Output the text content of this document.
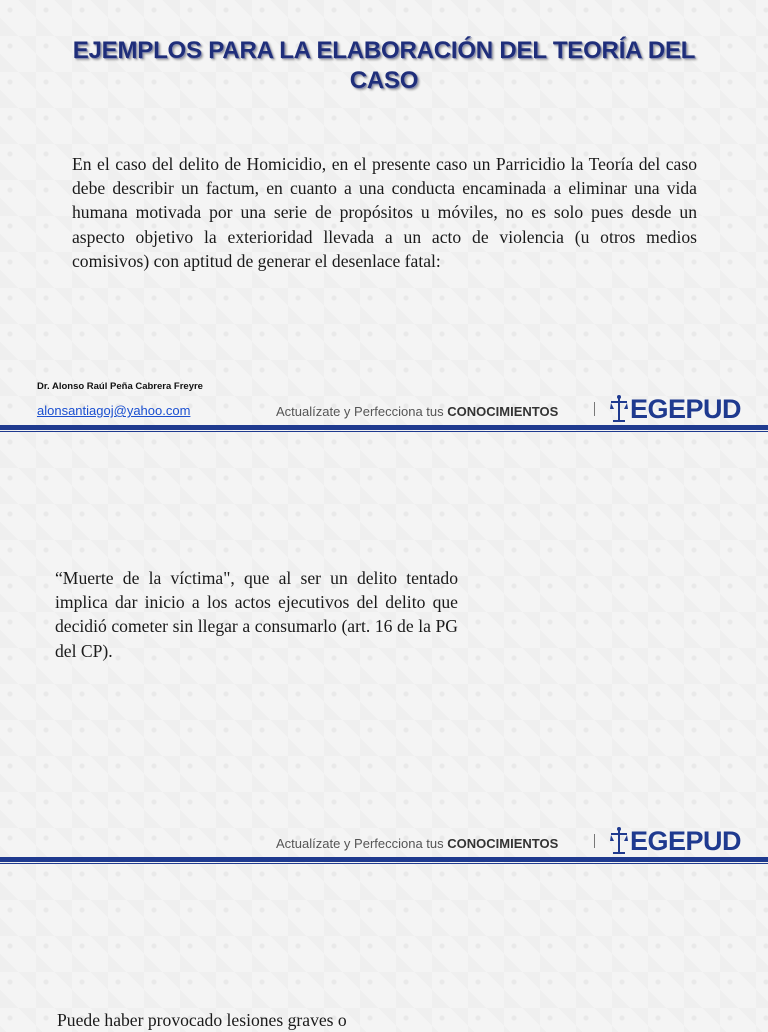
EJEMPLOS PARA LA ELABORACIÓN DEL TEORÍA DEL CASO
En el caso del delito de Homicidio, en el presente caso un Parricidio la Teoría del caso debe describir un factum, en cuanto a una conducta encaminada a eliminar una vida humana motivada por una serie de propósitos u móviles, no es solo pues desde un aspecto objetivo la exterioridad llevada a un acto de violencia (u otros medios comisivos) con aptitud de generar el desenlace fatal:
Dr. Alonso Raúl Peña Cabrera Freyre
alonsantiagoj@yahoo.com	Actualízate y Perfecciona tus CONOCIMIENTOS	EGEPUD
“Muerte de la víctima", que al ser un delito tentado implica dar inicio a los actos ejecutivos del delito que decidió cometer sin llegar a consumarlo (art. 16 de la PG del CP).
Actualízate y Perfecciona tus CONOCIMIENTOS	EGEPUD
Puede haber provocado lesiones graves o
